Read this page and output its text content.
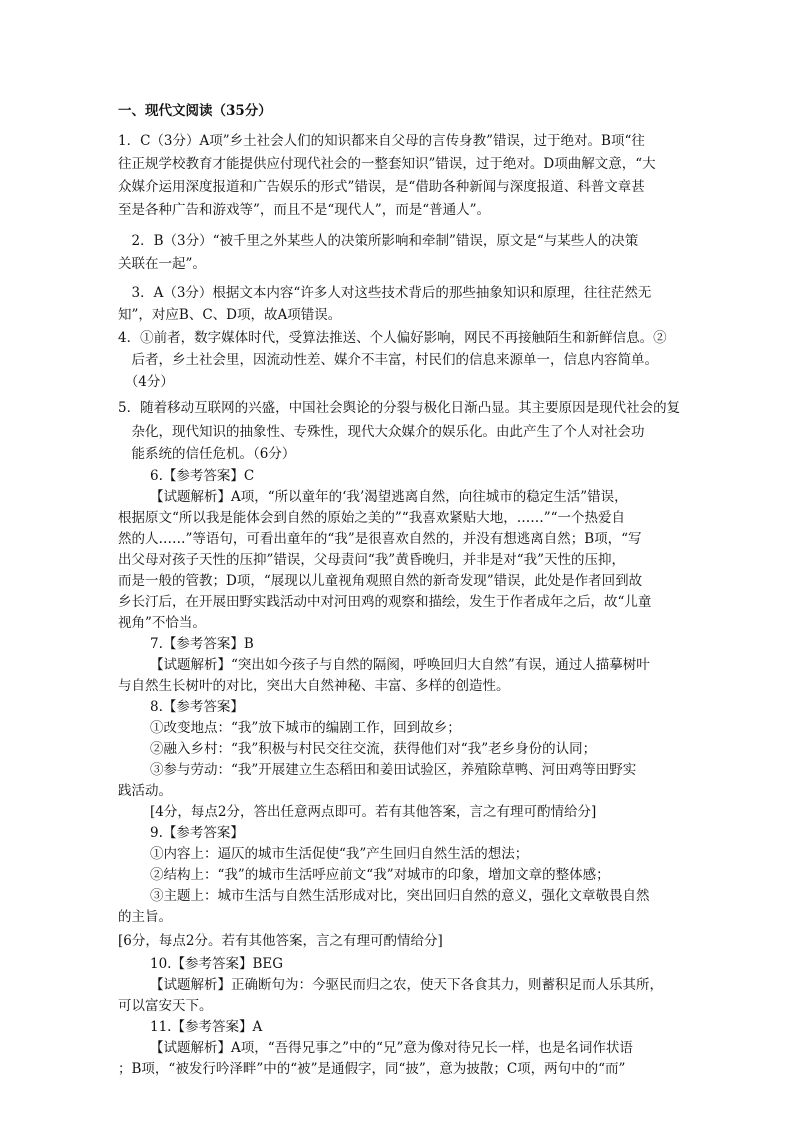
一、现代文阅读（35分）
1．C（3分）A项”乡土社会人们的知识都来自父母的言传身教”错误，过于绝对。B项“往
往正规学校教育才能提供应付现代社会的一整套知识”错误，过于绝对。D项曲解文意，“大
众媒介运用深度报道和广告娱乐的形式”错误，是“借助各种新闻与深度报道、科普文章甚
至是各种广告和游戏等”，而且不是“现代人”，而是“普通人”。
　2．B（3分）“被千里之外某些人的决策所影响和牵制”错误，原文是“与某些人的决策
关联在一起”。
　3．A（3分）根据文本内容“许多人对这些技术背后的那些抽象知识和原理，往往茫然无
知”，对应B、C、D项，故A项错误。
4．①前者，数字媒体时代，受算法推送、个人偏好影响，网民不再接触陌生和新鲜信息。②
　后者，乡土社会里，因流动性差、媒介不丰富，村民们的信息来源单一，信息内容简单。
　（4分）
5．随着移动互联网的兴盛，中国社会舆论的分裂与极化日渐凸显。其主要原因是现代社会的复
　杂化，现代知识的抽象性、专殊性，现代大众媒介的娱乐化。由此产生了个人对社会功
　能系统的信任危机。（6分）
6.【参考答案】C
【试题解析】A项，“所以童年的‘我’渴望逃离自然，向往城市的稳定生活”错误，
根据原文“所以我是能体会到自然的原始之美的”“我喜欢紧贴大地，……”“一个热爱自
然的人……”等语句，可看出童年的“我”是很喜欢自然的，并没有想逃离自然；B项，“写
出父母对孩子天性的压抑”错误，父母责问“我”黄昏晚归，并非是对“我”天性的压抑，
而是一般的管教；D项，“展现以儿童视角观照自然的新奇发现”错误，此处是作者回到故
乡长汀后，在开展田野实践活动中对河田鸡的观察和描绘，发生于作者成年之后，故“儿童
视角”不恰当。
7.【参考答案】B
【试题解析】“突出如今孩子与自然的隔阂，呼唤回归大自然”有误，通过人描摹树叶
与自然生长树叶的对比，突出大自然神秘、丰富、多样的创造性。
8.【参考答案】
①改变地点：“我”放下城市的编剧工作，回到故乡；
②融入乡村：“我”积极与村民交往交流，获得他们对“我”老乡身份的认同；
③参与劳动：“我”开展建立生态稻田和姜田试验区，养殖除草鸭、河田鸡等田野实
践活动。
[4分，每点2分，答出任意两点即可。若有其他答案，言之有理可酌情给分]
9.【参考答案】
①内容上：逼仄的城市生活促使“我”产生回归自然生活的想法；
②结构上：“我”的城市生活呼应前文“我”对城市的印象，增加文章的整体感；
③主题上：城市生活与自然生活形成对比，突出回归自然的意义，强化文章敬畏自然
的主旨。
[6分，每点2分。若有其他答案，言之有理可酌情给分]
10.【参考答案】BEG
【试题解析】正确断句为：今驱民而归之农，使天下各食其力，则蓄积足而人乐其所，
可以富安天下。
11.【参考答案】A
【试题解析】A项，“吾得兄事之”中的“兄”意为像对待兄长一样，也是名词作状语
；B项，“被发行吟泽畔”中的“被”是通假字，同“披”，意为披散；C项，两句中的“而”
